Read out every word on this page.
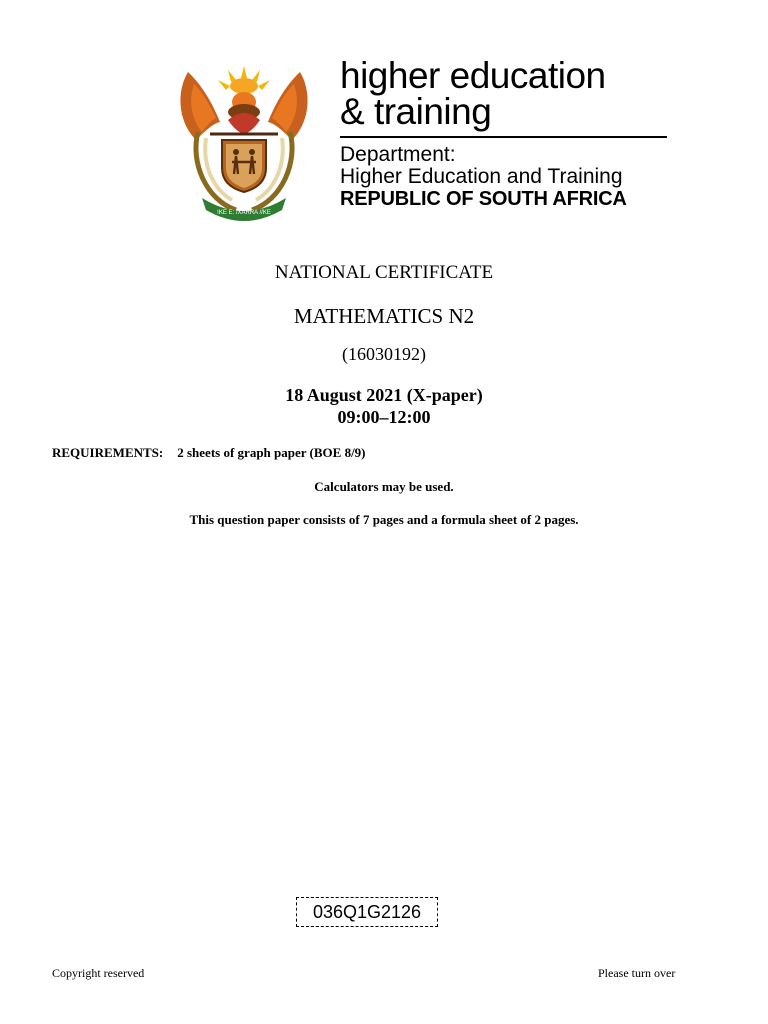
!KE E: /XARRA //KE
higher education
& training
Department:
Higher Education and Training
REPUBLIC OF SOUTH AFRICA
NATIONAL CERTIFICATE
MATHEMATICS N2
(16030192)
18 August 2021 (X-paper)
09:00–12:00
REQUIREMENTS: 2 sheets of graph paper (BOE 8/9)
Calculators may be used.
This question paper consists of 7 pages and a formula sheet of 2 pages.
036Q1G2126
Copyright reserved	Please turn over
